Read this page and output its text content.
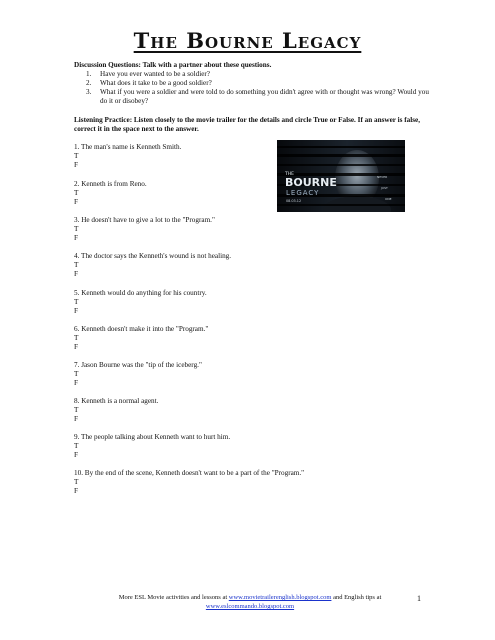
The Bourne Legacy
Discussion Questions: Talk with a partner about these questions.
1. Have you ever wanted to be a soldier?
2. What does it take to be a good soldier?
3. What if you were a soldier and were told to do something you didn't agree with or thought was wrong? Would you do it or disobey?
Listening Practice: Listen closely to the movie trailer for the details and circle True or False. If an answer is false, correct it in the space next to the answer.
1. The man's name is Kenneth Smith.
T
F
2. Kenneth is from Reno.
T
F
3. He doesn't have to give a lot to the "Program."
T
F
4. The doctor says the Kenneth's wound is not healing.
T
F
5. Kenneth would do anything for his country.
T
F
6. Kenneth doesn't make it into the "Program."
T
F
7. Jason Bourne was the "tip of the iceberg."
T
F
8. Kenneth is a normal agent.
T
F
9. The people talking about Kenneth want to hurt him.
T
F
10. By the end of the scene, Kenneth doesn't want to be a part of the "Program."
T
F
THE
BOURNE
LEGACY
08.03.12
NEVER
JUST
ONE
More ESL Movie activities and lessons at www.movietrailerenglish.blogspot.com and English tips at
www.eslcommando.blogspot.com
1
